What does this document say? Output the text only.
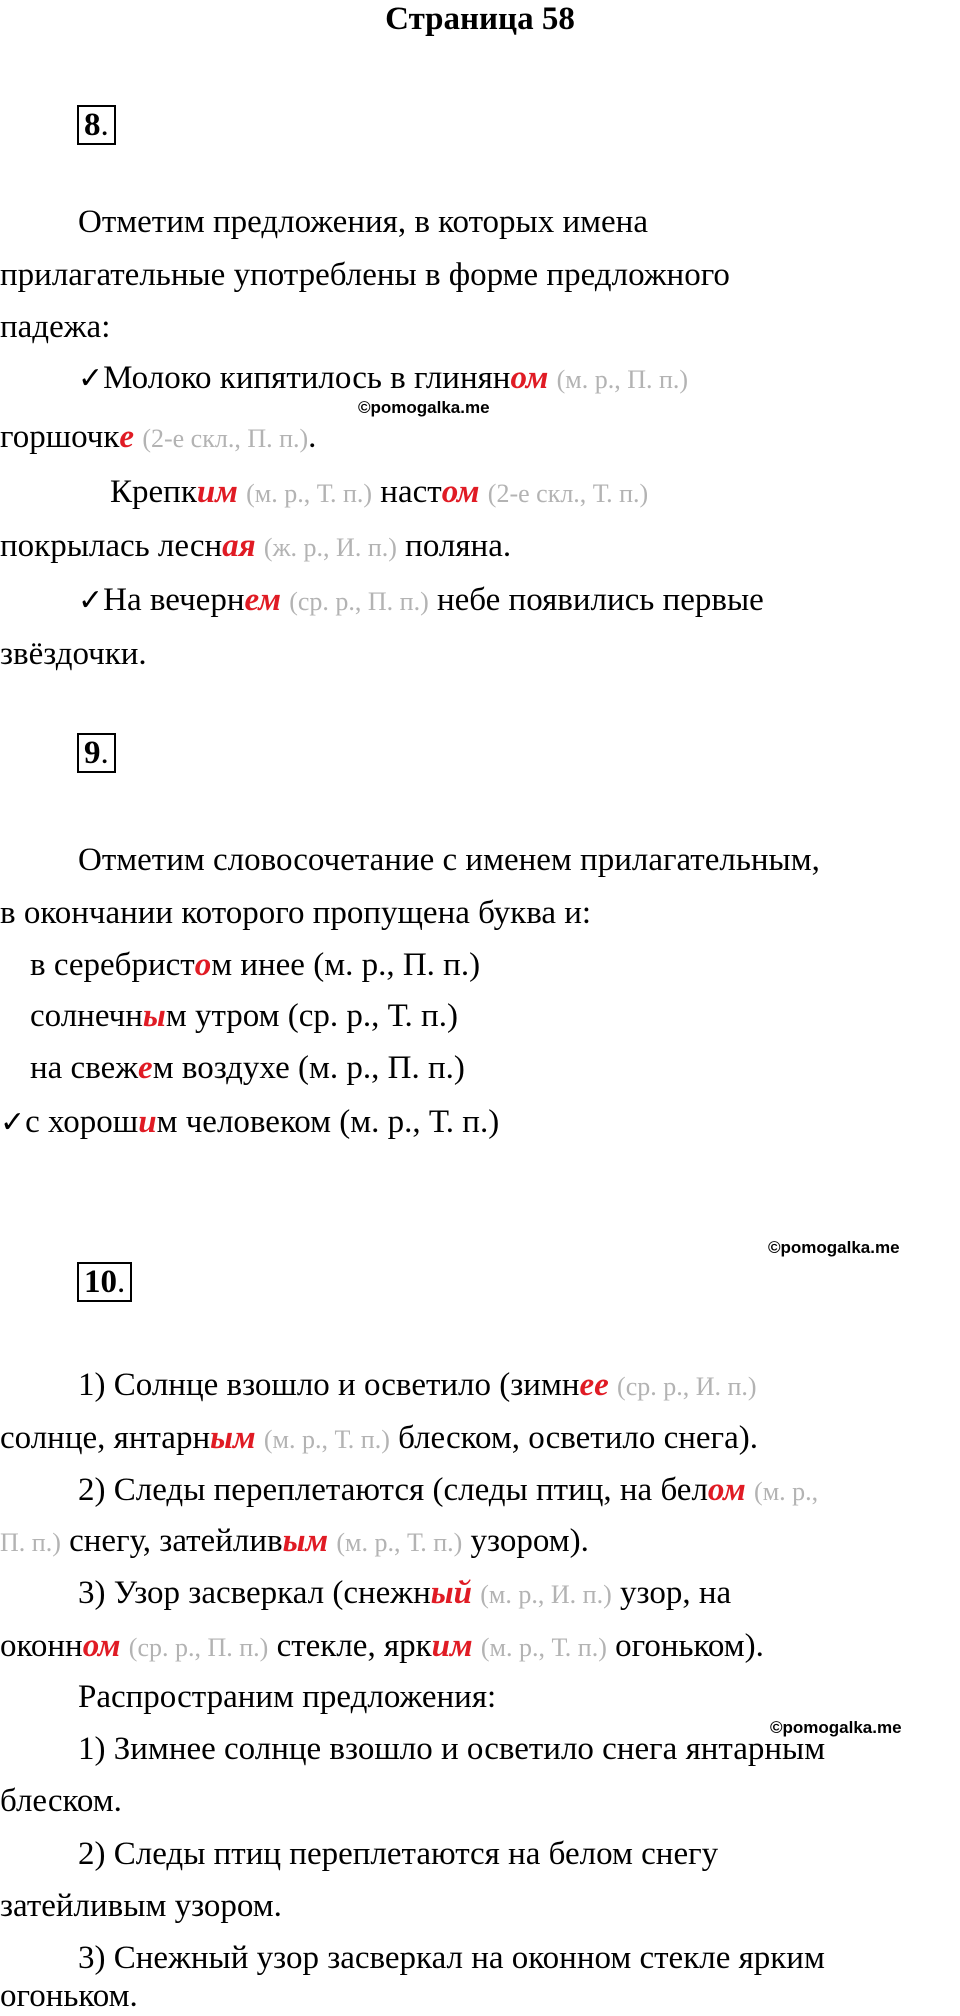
Страница 58
8.
Отметим предложения, в которых имена
прилагательные употреблены в форме предложного
падежа:
✓Молоко кипятилось в глиняном (м. р., П. п.)
©pomogalka.me
горшочке (2-е скл., П. п.).
Крепким (м. р., Т. п.) настом (2-е скл., Т. п.)
покрылась лесная (ж. р., И. п.) поляна.
✓На вечернем (ср. р., П. п.) небе появились первые
звёздочки.
9.
Отметим словосочетание с именем прилагательным,
в окончании которого пропущена буква и:
в серебристом инее (м. р., П. п.)
солнечным утром (ср. р., Т. п.)
на свежем воздухе (м. р., П. п.)
✓с хорошим человеком (м. р., Т. п.)
©pomogalka.me
10.
1) Солнце взошло и осветило (зимнее (ср. р., И. п.)
солнце, янтарным (м. р., Т. п.) блеском, осветило снега).
2) Следы переплетаются (следы птиц, на белом (м. р.,
П. п.) снегу, затейливым (м. р., Т. п.) узором).
3) Узор засверкал (снежный (м. р., И. п.) узор, на
оконном (ср. р., П. п.) стекле, ярким (м. р., Т. п.) огоньком).
Распространим предложения:
©pomogalka.me
1) Зимнее солнце взошло и осветило снега янтарным
блеском.
2) Следы птиц переплетаются на белом снегу
затейливым узором.
3) Снежный узор засверкал на оконном стекле ярким
огоньком.
